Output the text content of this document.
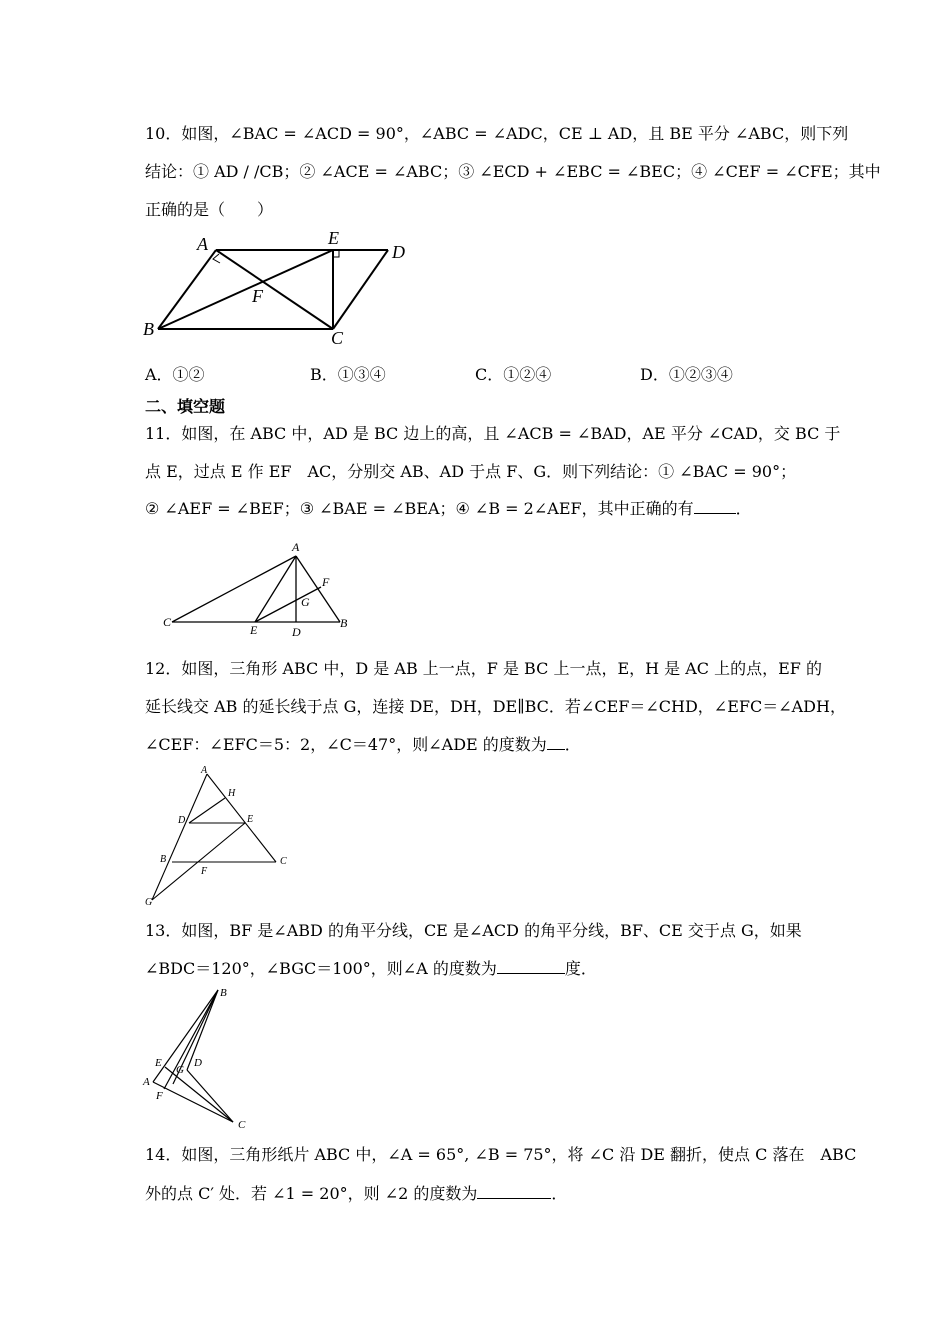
10．如图，∠BAC = ∠ACD = 90°，∠ABC = ∠ADC，CE ⊥ AD，且 BE 平分 ∠ABC，则下列
结论：① AD / /CB；② ∠ACE = ∠ABC；③ ∠ECD + ∠EBC = ∠BEC；④ ∠CEF = ∠CFE；其中
正确的是（　　）
A	E
D
F
B	C
A．①②	B．①③④	C．①②④	D．①②③④
二、填空题
11．如图，在 ABC 中，AD 是 BC 边上的高，且 ∠ACB = ∠BAD，AE 平分 ∠CAD，交 BC 于
点 E，过点 E 作 EF　AC，分别交 AB、AD 于点 F、G．则下列结论：① ∠BAC = 90°；
② ∠AEF = ∠BEF；③ ∠BAE = ∠BEA；④ ∠B = 2∠AEF，其中正确的有	．
A
F
G
C
E	D
B
12．如图，三角形 ABC 中，D 是 AB 上一点，F 是 BC 上一点，E，H 是 AC 上的点，EF 的
延长线交 AB 的延长线于点 G，连接 DE，DH，DE∥BC．若∠CEF＝∠CHD，∠EFC＝∠ADH，
∠CEF：∠EFC＝5：2，∠C＝47°，则∠ADE 的度数为 ．
A
H
D	E
B	C
F
G
13．如图，BF 是∠ABD 的角平分线，CE 是∠ACD 的角平分线，BF、CE 交于点 G，如果
∠BDC＝120°，∠BGC＝100°，则∠A 的度数为	度．
B
E	D
G
A
F
C
14．如图，三角形纸片 ABC 中，∠A = 65°, ∠B = 75°，将 ∠C 沿 DE 翻折，使点 C 落在　ABC
外的点 C′ 处．若 ∠1 = 20°，则 ∠2 的度数为	．
